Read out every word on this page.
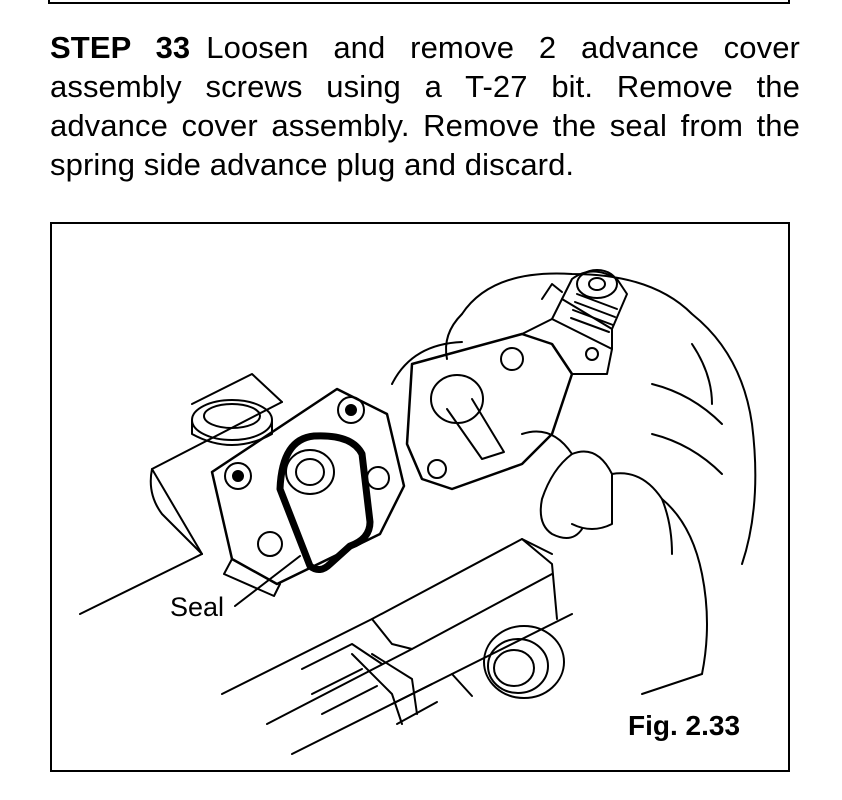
STEP 33 Loosen and remove 2 advance cover assembly screws using a T-27 bit. Remove the advance cover assembly. Remove the seal from the spring side advance plug and discard.
Seal
Fig. 2.33
